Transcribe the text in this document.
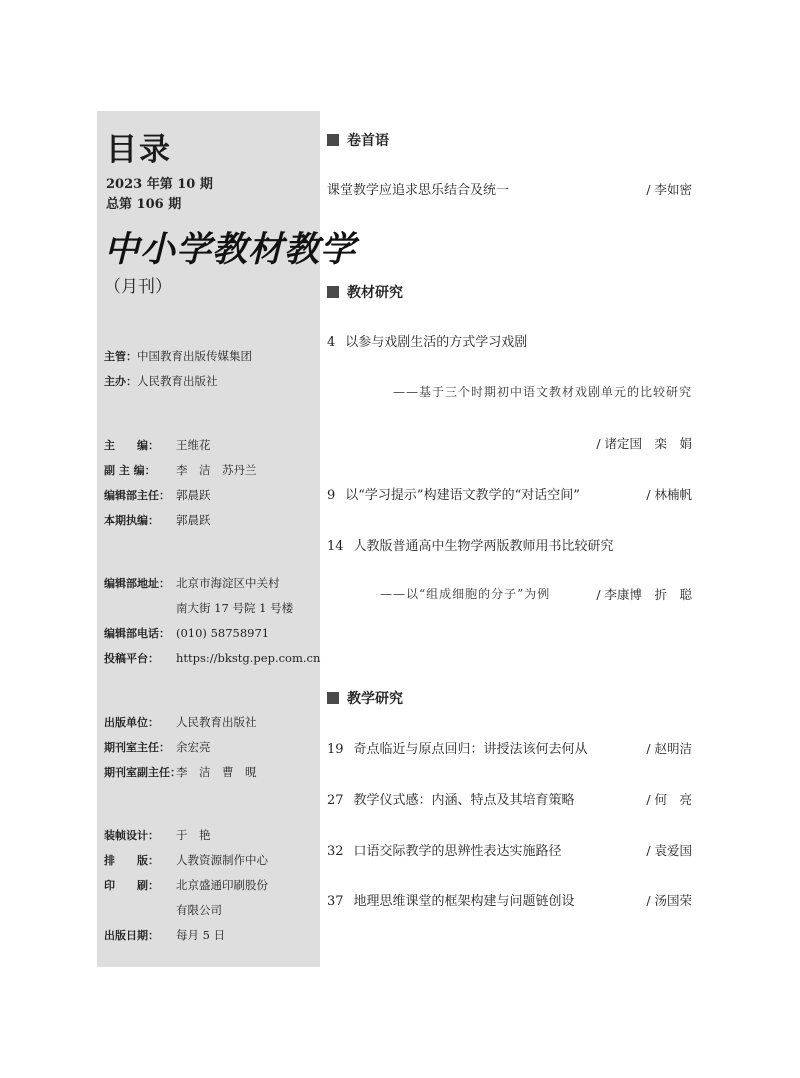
目录
2023 年第 10 期
总第 106 期
中小学教材教学
（月刊）
主管：中国教育出版传媒集团
主办：人民教育出版社
主　　编： 王维花
副 主 编： 李　洁　苏丹兰
编辑部主任： 郭晨跃
本期执编： 郭晨跃
编辑部地址： 北京市海淀区中关村
南大街 17 号院 1 号楼
编辑部电话： (010) 58758971
投稿平台： https://bkstg.pep.com.cn
出版单位： 人民教育出版社
期刊室主任： 余宏亮
期刊室副主任：李　洁　曹　晛
装帧设计： 于　艳
排　　版： 人教资源制作中心
印　　刷： 北京盛通印刷股份
有限公司
出版日期： 每月 5 日
卷首语
课堂教学应追求思乐结合及统一	/ 李如密
教材研究
4 以参与戏剧生活的方式学习戏剧
——基于三个时期初中语文教材戏剧单元的比较研究
/ 诸定国　栾　娟
9 以“学习提示”构建语文教学的“对话空间”	/ 林楠帆
14 人教版普通高中生物学两版教师用书比较研究
——以“组成细胞的分子”为例	/ 李康博　折　聪
教学研究
19 奇点临近与原点回归：讲授法该何去何从	/ 赵明洁
27 教学仪式感：内涵、特点及其培育策略	/ 何　亮
32 口语交际教学的思辨性表达实施路径	/ 袁爱国
37 地理思维课堂的框架构建与问题链创设	/ 汤国荣
